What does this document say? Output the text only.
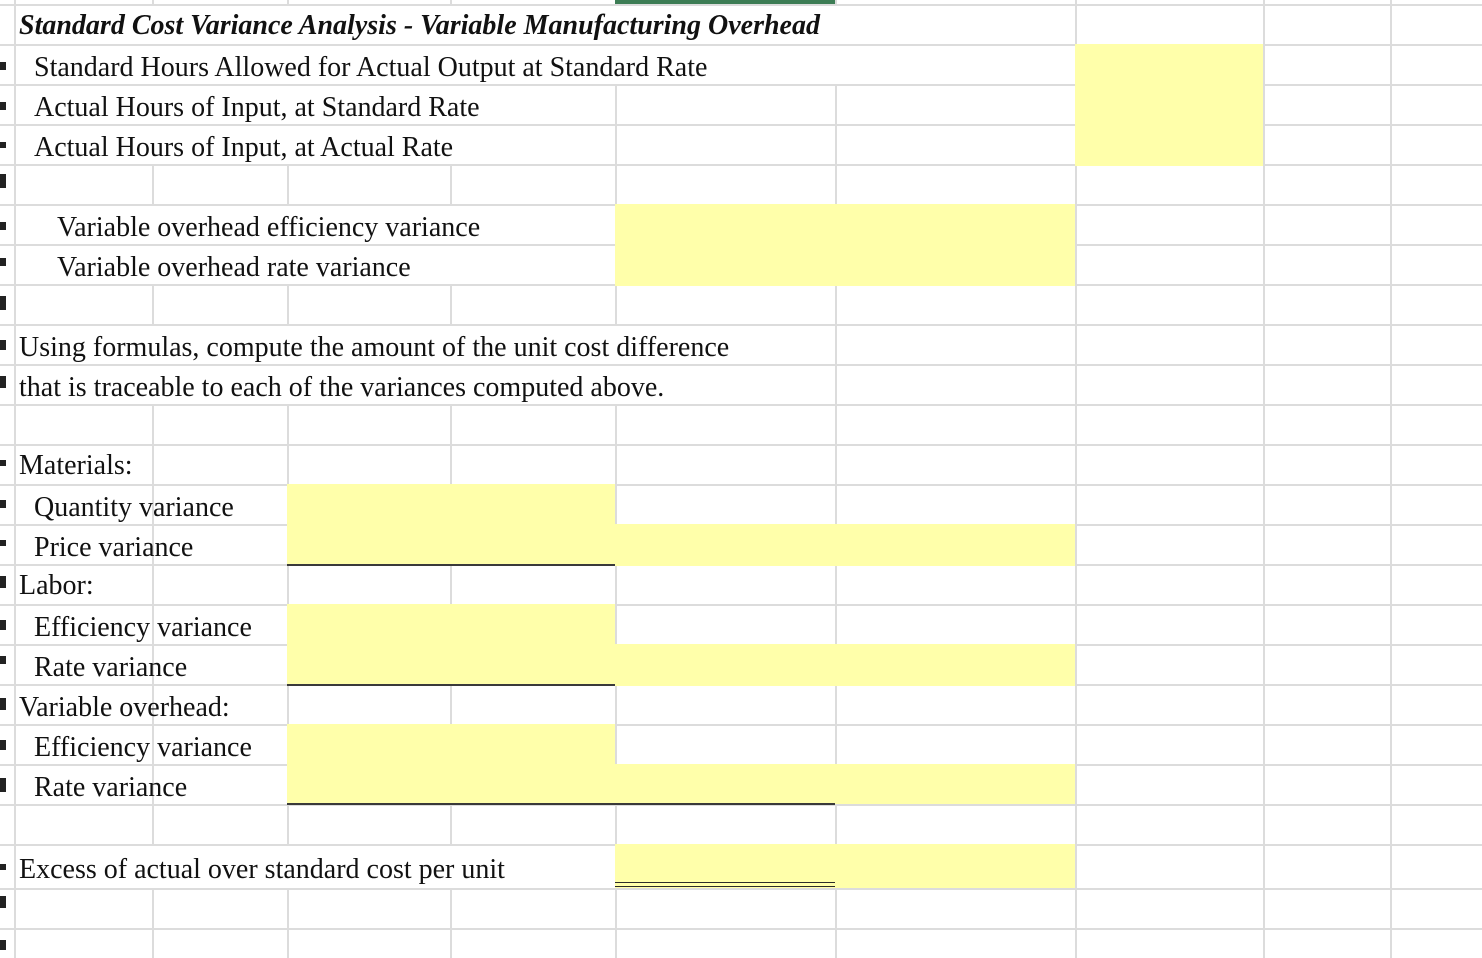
Standard Cost Variance Analysis - Variable Manufacturing Overhead
Standard Hours Allowed for Actual Output at Standard Rate
Actual Hours of Input, at Standard Rate
Actual Hours of Input, at Actual Rate
Variable overhead efficiency variance
Variable overhead rate variance
Using formulas, compute the amount of the unit cost difference
that is traceable to each of the variances computed above.
Materials:
Quantity variance
Price variance
Labor:
Efficiency variance
Rate variance
Variable overhead:
Efficiency variance
Rate variance
Excess of actual over standard cost per unit
